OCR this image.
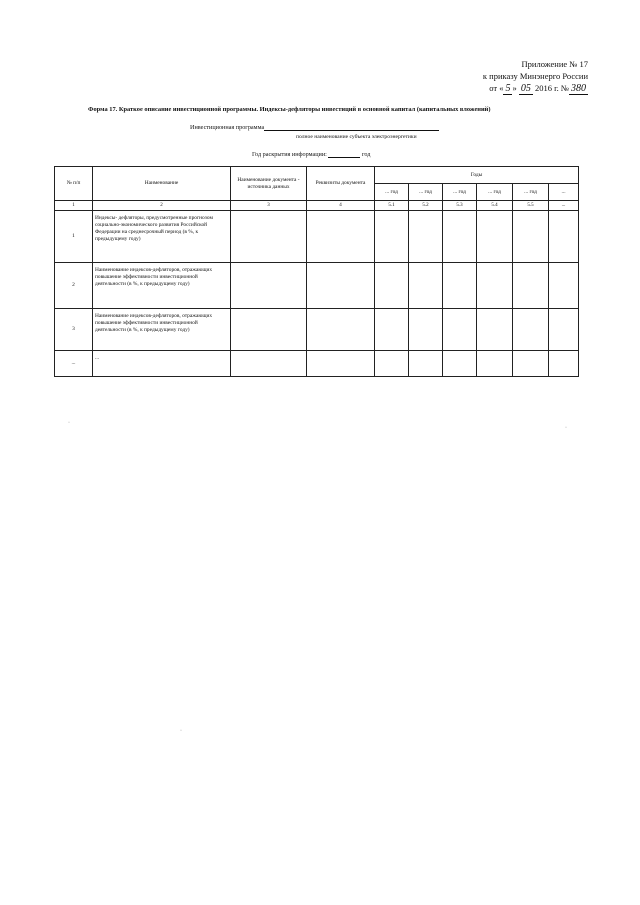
Приложение № 17
к приказу Минэнерго России
от « 5 » 05 2016 г. № 380
Форма 17. Краткое описание инвестиционной программы. Индексы-дефляторы инвестиций в основной капитал (капитальных вложений)
Инвестиционная программа
полное наименование субъекта электроэнергетики
Год раскрытия информации:	год
№ п/п	Наименование	Наименование документа - источника данных	Реквизиты документа	Годы					
				... год	... год	... год	... год	... год	...
1	2	3	4	5.1	5.2	5.3	5.4	5.5	...
1	Индексы- дефляторы, предусмотренные прогнозом социально-экономического развития Российской Федерации на среднесрочный период (в %, к предыдущему году)								
2	Наименование индексов-дефляторов, отражающих повышение эффективности инвестиционной деятельности (в %, к предыдущему году)								
3	Наименование индексов-дефляторов, отражающих повышение эффективности инвестиционной деятельности (в %, к предыдущему году)								
...	...								
·
·
·
